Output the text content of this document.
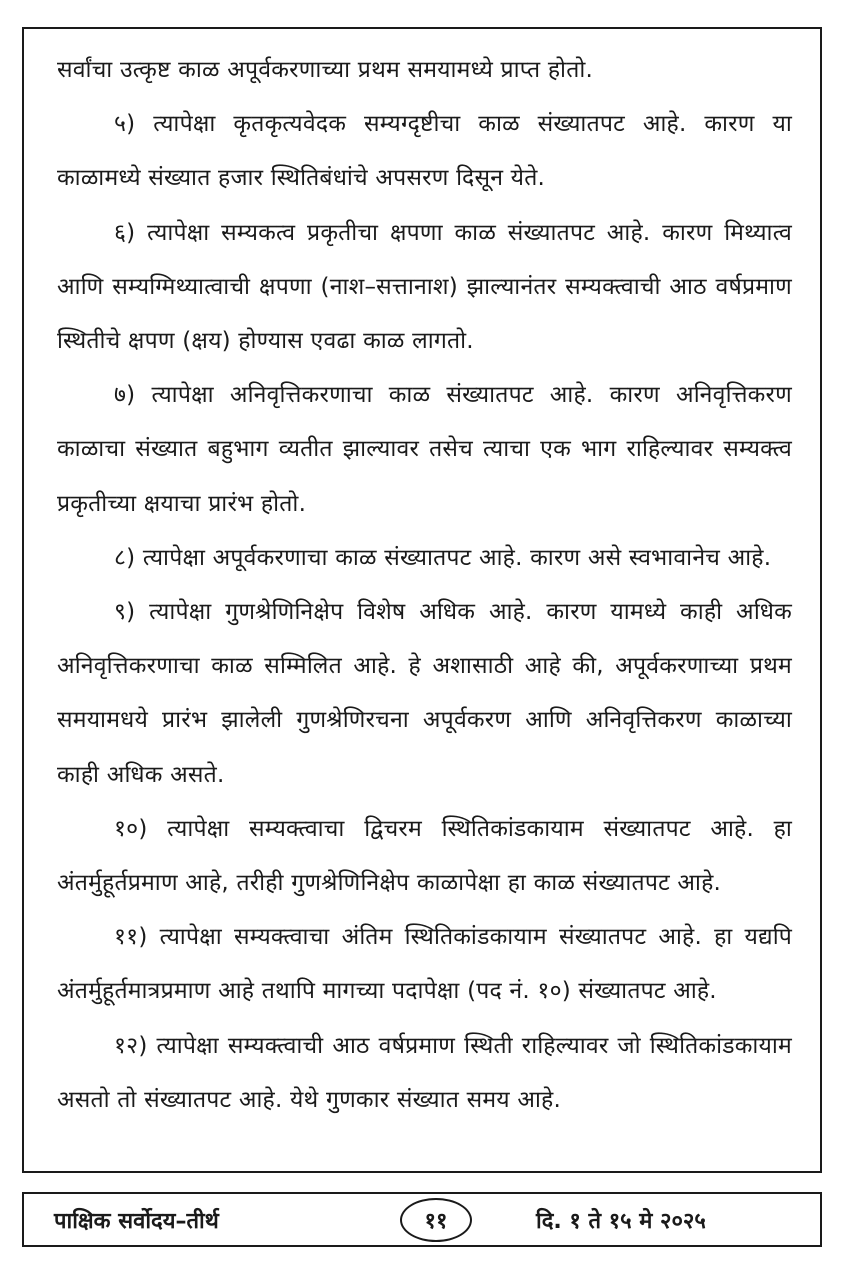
सर्वांचा उत्कृष्ट काळ अपूर्वकरणाच्या प्रथम समयामध्ये प्राप्त होतो.

५) त्यापेक्षा कृतकृत्यवेदक सम्यग्दृष्टीचा काळ संख्यातपट आहे. कारण या काळामध्ये संख्यात हजार स्थितिबंधांचे अपसरण दिसून येते.

६) त्यापेक्षा सम्यकत्व प्रकृतीचा क्षपणा काळ संख्यातपट आहे. कारण मिथ्यात्व आणि सम्यग्मिथ्यात्वाची क्षपणा (नाश–सत्तानाश) झाल्यानंतर सम्यक्त्वाची आठ वर्षप्रमाण स्थितीचे क्षपण (क्षय) होण्यास एवढा काळ लागतो.

७) त्यापेक्षा अनिवृत्तिकरणाचा काळ संख्यातपट आहे. कारण अनिवृत्तिकरण काळाचा संख्यात बहुभाग व्यतीत झाल्यावर तसेच त्याचा एक भाग राहिल्यावर सम्यक्त्व प्रकृतीच्या क्षयाचा प्रारंभ होतो.

८) त्यापेक्षा अपूर्वकरणाचा काळ संख्यातपट आहे. कारण असे स्वभावानेच आहे.

९) त्यापेक्षा गुणश्रेणिनिक्षेप विशेष अधिक आहे. कारण यामध्ये काही अधिक अनिवृत्तिकरणाचा काळ सम्मिलित आहे. हे अशासाठी आहे की, अपूर्वकरणाच्या प्रथम समयामधये प्रारंभ झालेली गुणश्रेणिरचना अपूर्वकरण आणि अनिवृत्तिकरण काळाच्या काही अधिक असते.

१०) त्यापेक्षा सम्यक्त्वाचा द्विचरम स्थितिकांडकायाम संख्यातपट आहे. हा अंतर्मुहूर्तप्रमाण आहे, तरीही गुणश्रेणिनिक्षेप काळापेक्षा हा काळ संख्यातपट आहे.

११) त्यापेक्षा सम्यक्त्वाचा अंतिम स्थितिकांडकायाम संख्यातपट आहे. हा यद्यपि अंतर्मुहूर्तमात्रप्रमाण आहे तथापि मागच्या पदापेक्षा (पद नं. १०) संख्यातपट आहे.

१२) त्यापेक्षा सम्यक्त्वाची आठ वर्षप्रमाण स्थिती राहिल्यावर जो स्थितिकांडकायाम असतो तो संख्यातपट आहे. येथे गुणकार संख्यात समय आहे.

पाक्षिक सर्वोदय–तीर्थ	११	दि. १ ते १५ मे २०२५
